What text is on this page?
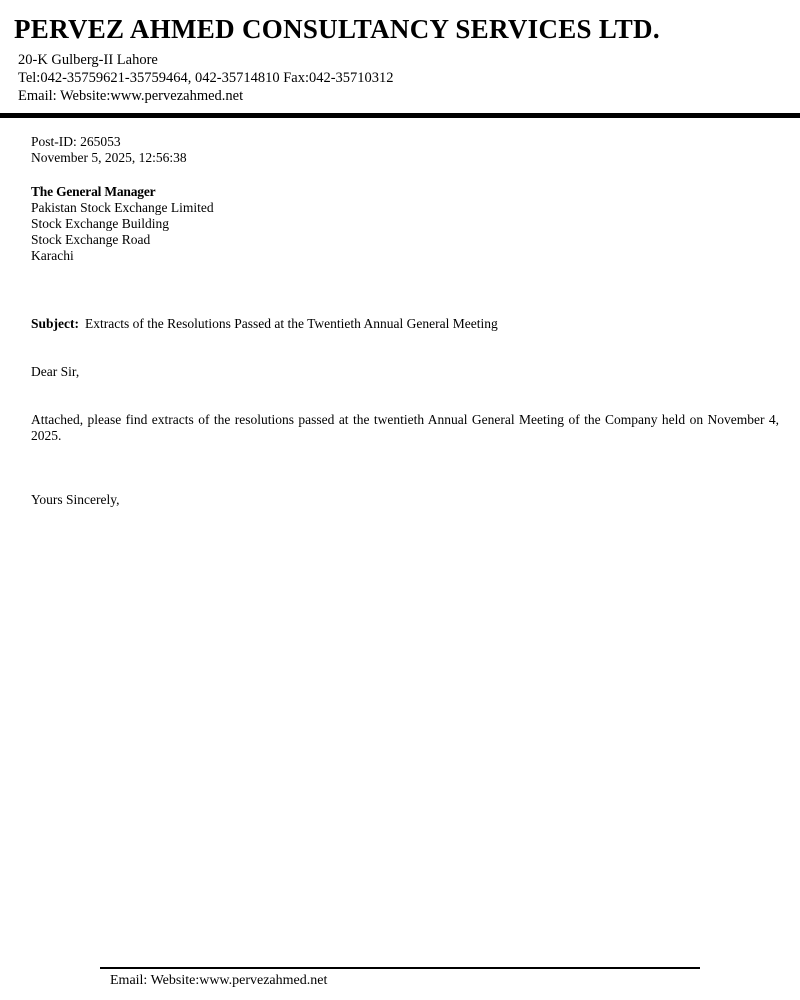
PERVEZ AHMED CONSULTANCY SERVICES LTD.
20-K Gulberg-II Lahore
Tel:042-35759621-35759464, 042-35714810 Fax:042-35710312
Email: Website:www.pervezahmed.net
Post-ID: 265053
November 5, 2025, 12:56:38
The General Manager
Pakistan Stock Exchange Limited
Stock Exchange Building
Stock Exchange Road
Karachi
Subject: Extracts of the Resolutions Passed at the Twentieth Annual General Meeting
Dear Sir,
Attached, please find extracts of the resolutions passed at the twentieth Annual General Meeting of the Company held on November 4, 2025.
Yours Sincerely,
Email: Website:www.pervezahmed.net
